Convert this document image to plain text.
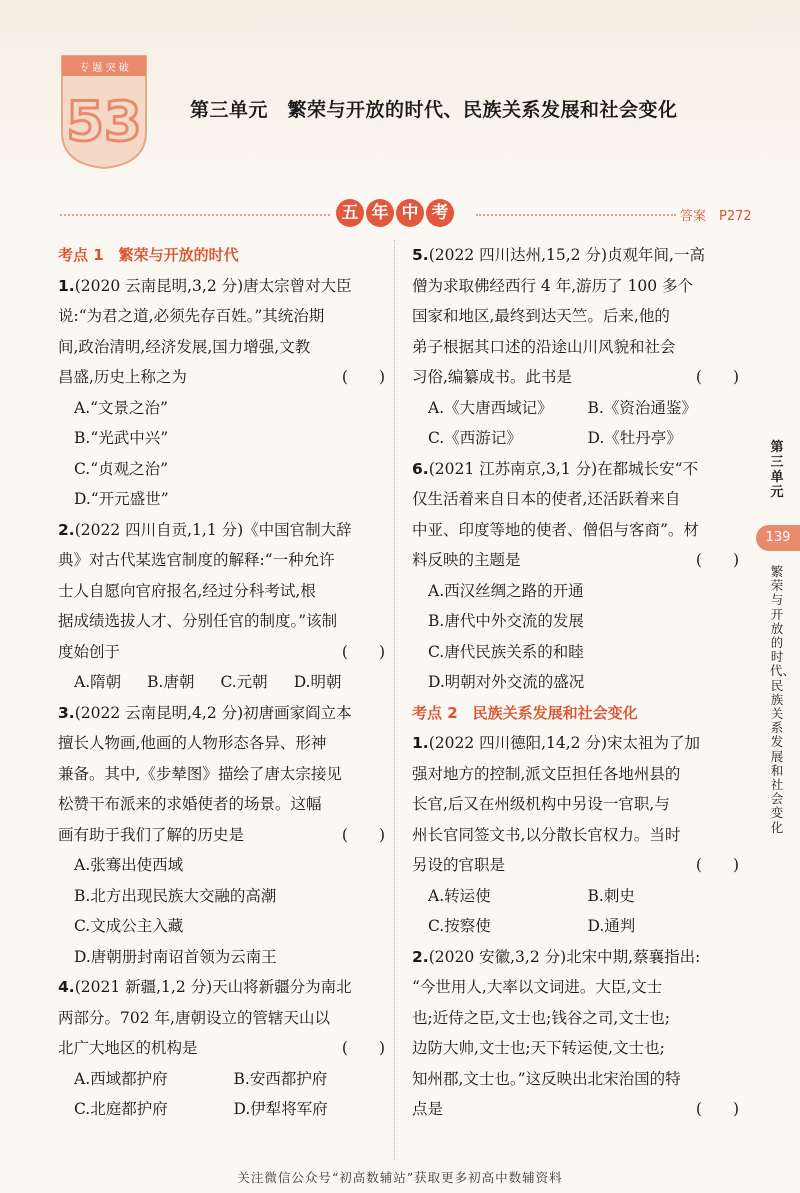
专 题 突 破
53	第三单元　繁荣与开放的时代、民族关系发展和社会变化
五 年 中 考	答案　P272
考点 1　繁荣与开放的时代
1.(2020 云南昆明,3,2 分)唐太宗曾对大臣
说:“为君之道,必须先存百姓。”其统治期
间,政治清明,经济发展,国力增强,文教
昌盛,历史上称之为	(　　)
A.“文景之治”
B.“光武中兴”
C.“贞观之治”
D.“开元盛世”
2.(2022 四川自贡,1,1 分)《中国官制大辞
典》对古代某选官制度的解释:“一种允许
士人自愿向官府报名,经过分科考试,根
据成绩选拔人才、分别任官的制度。”该制
度始创于	(　　)
A.隋朝 B.唐朝 C.元朝 D.明朝
3.(2022 云南昆明,4,2 分)初唐画家阎立本
擅长人物画,他画的人物形态各异、形神
兼备。其中,《步辇图》描绘了唐太宗接见
松赞干布派来的求婚使者的场景。这幅
画有助于我们了解的历史是	(　　)
A.张骞出使西域
B.北方出现民族大交融的高潮
C.文成公主入藏
D.唐朝册封南诏首领为云南王
4.(2021 新疆,1,2 分)天山将新疆分为南北
两部分。702 年,唐朝设立的管辖天山以
北广大地区的机构是	(　　)
A.西域都护府	B.安西都护府
C.北庭都护府	D.伊犁将军府
5.(2022 四川达州,15,2 分)贞观年间,一高
僧为求取佛经西行 4 年,游历了 100 多个
国家和地区,最终到达天竺。后来,他的
弟子根据其口述的沿途山川风貌和社会
习俗,编纂成书。此书是	(　　)
A.《大唐西域记》	B.《资治通鉴》
C.《西游记》	D.《牡丹亭》
6.(2021 江苏南京,3,1 分)在都城长安“不
仅生活着来自日本的使者,还活跃着来自
中亚、印度等地的使者、僧侣与客商”。材
料反映的主题是	(　　)
A.西汉丝绸之路的开通
B.唐代中外交流的发展
C.唐代民族关系的和睦
D.明朝对外交流的盛况
考点 2　民族关系发展和社会变化
1.(2022 四川德阳,14,2 分)宋太祖为了加
强对地方的控制,派文臣担任各地州县的
长官,后又在州级机构中另设一官职,与
州长官同签文书,以分散长官权力。当时
另设的官职是	(　　)
A.转运使	B.刺史
C.按察使	D.通判
2.(2020 安徽,3,2 分)北宋中期,蔡襄指出:
“今世用人,大率以文词进。大臣,文士
也;近侍之臣,文士也;钱谷之司,文士也;
边防大帅,文士也;天下转运使,文士也;
知州郡,文士也。”这反映出北宋治国的特
点是	(　　)
第三单元
139
繁荣与开放的时代、民族关系发展和社会变化
关注微信公众号“初高数辅站”获取更多初高中数辅资料
